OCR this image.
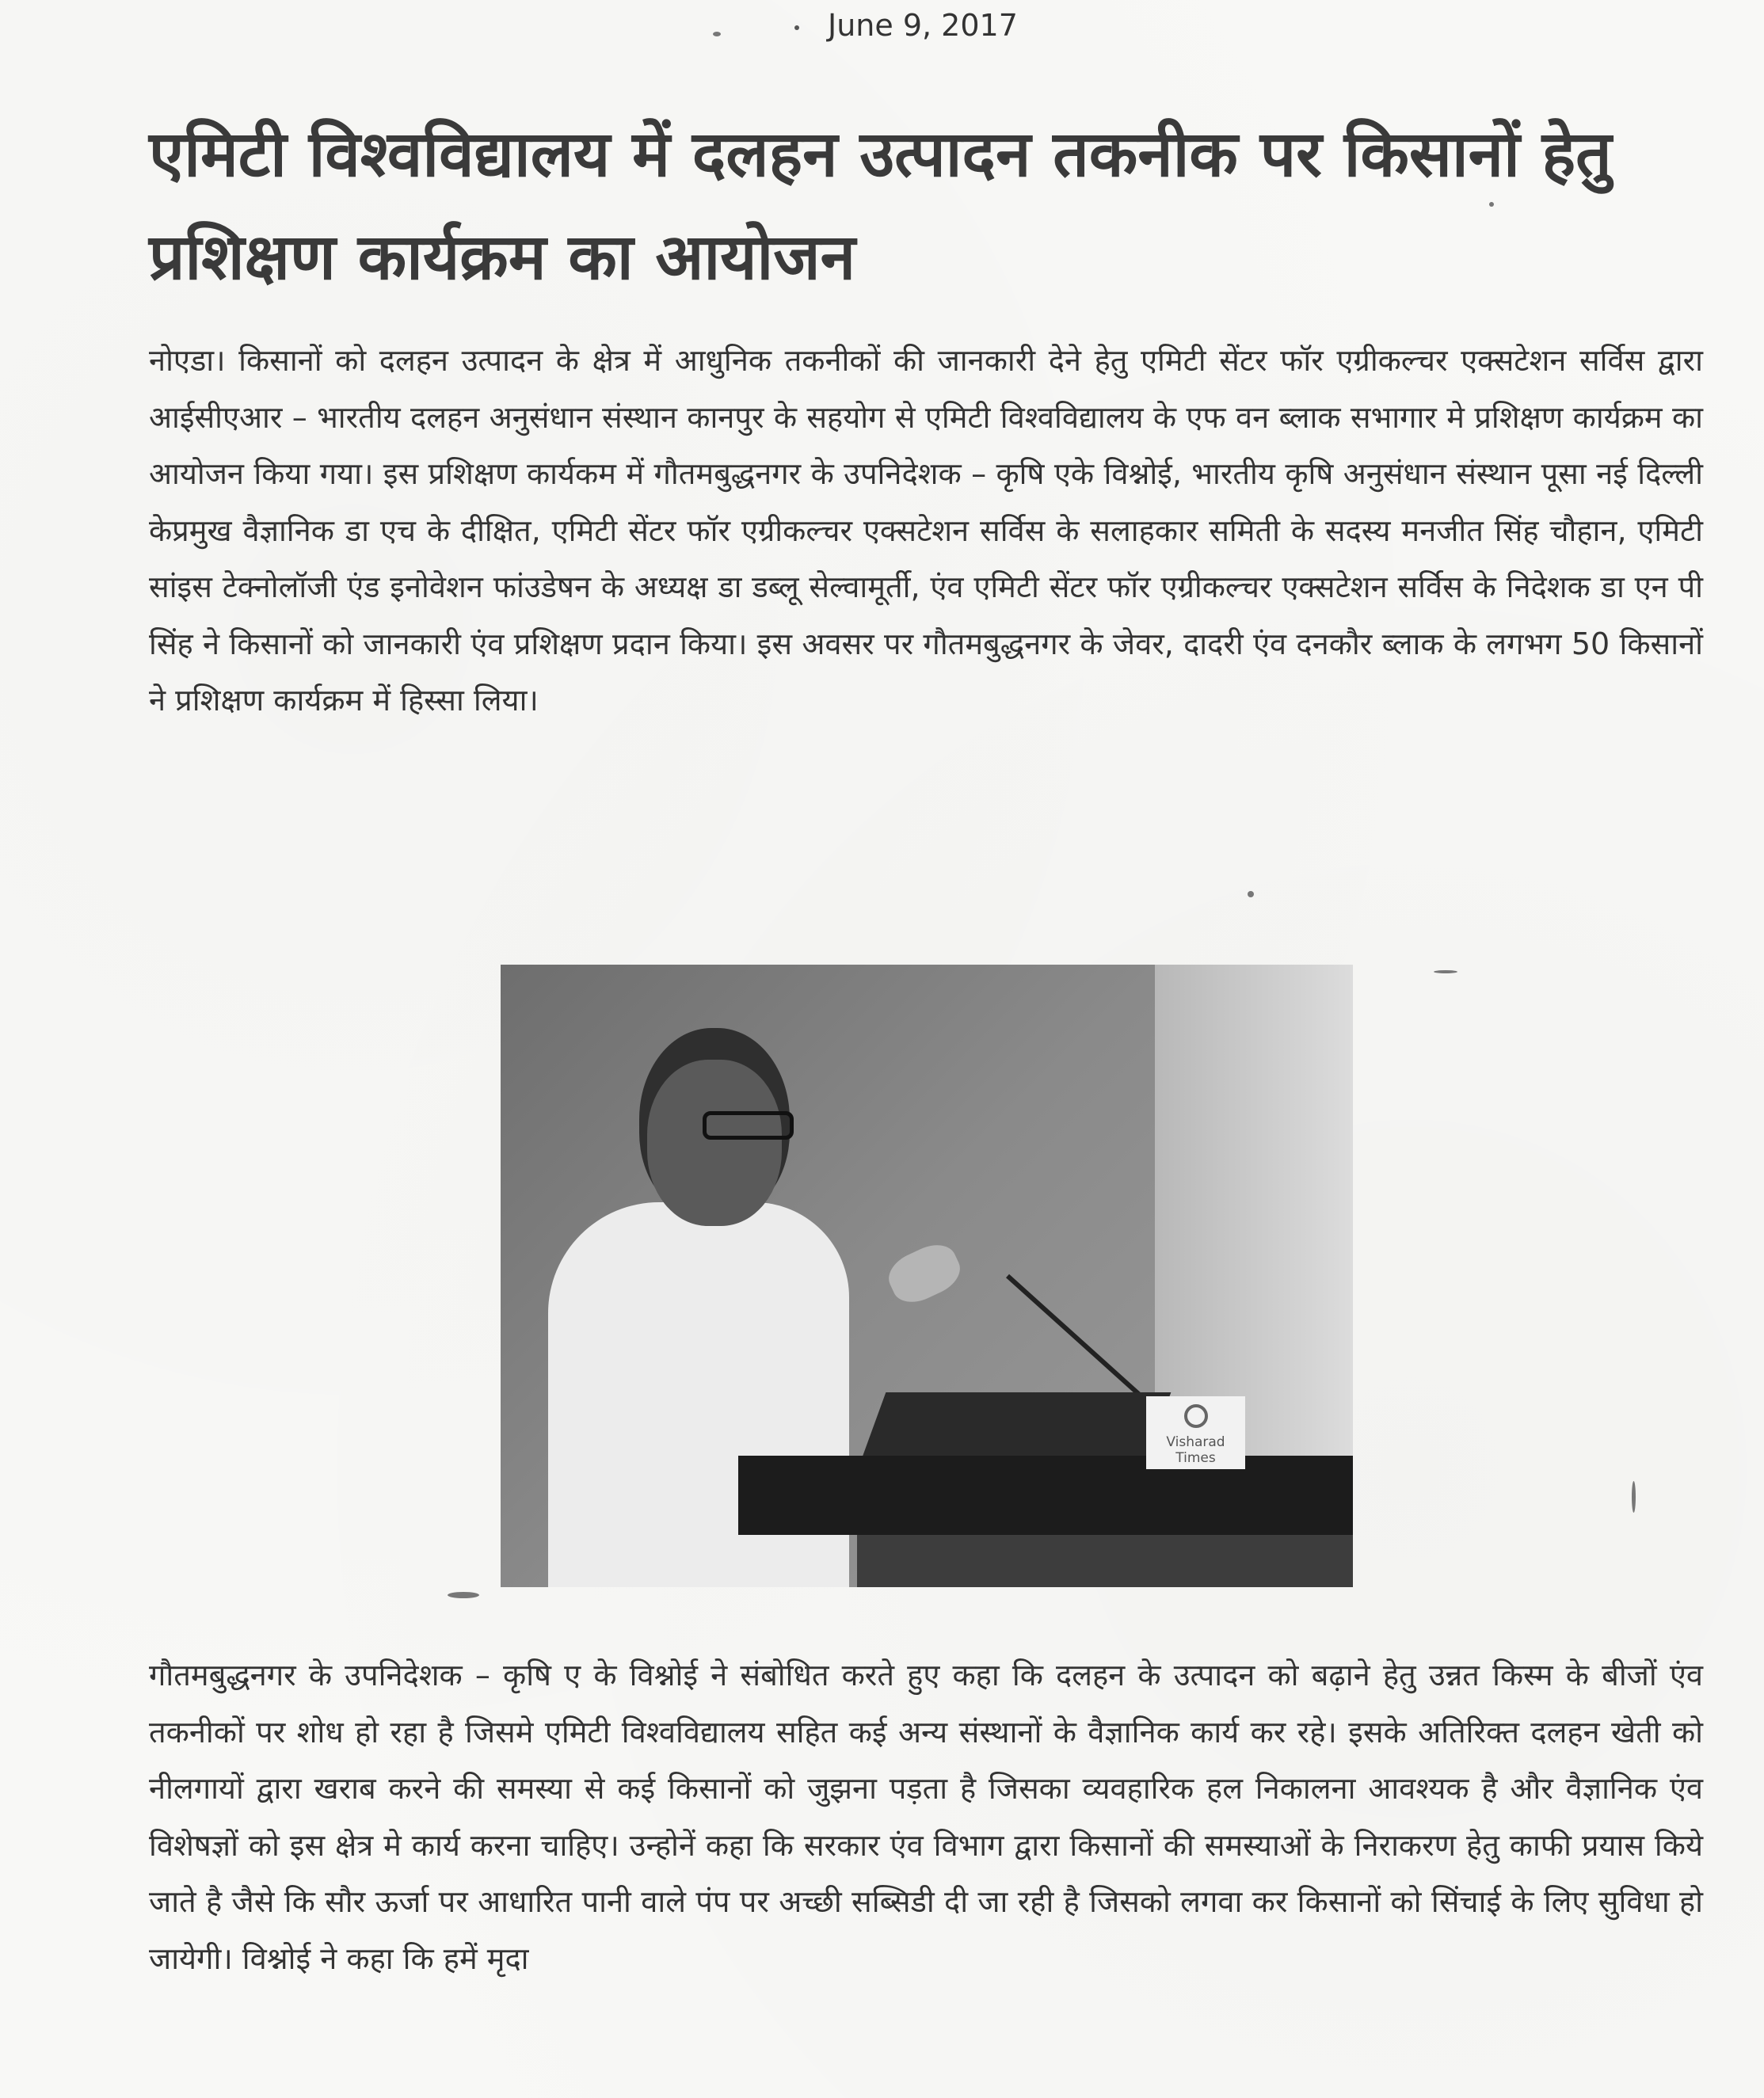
June 9, 2017
एमिटी विश्वविद्यालय में दलहन उत्पादन तकनीक पर किसानों हेतु प्रशिक्षण कार्यक्रम का आयोजन

नोएडा। किसानों को दलहन उत्पादन के क्षेत्र में आधुनिक तकनीकों की जानकारी देने हेतु एमिटी सेंटर फॉर एग्रीकल्चर एक्सटेशन सर्विस द्वारा आईसीएआर – भारतीय दलहन अनुसंधान संस्थान कानपुर के सहयोग से एमिटी विश्वविद्यालय के एफ वन ब्लाक सभागार मे प्रशिक्षण कार्यक्रम का आयोजन किया गया। इस प्रशिक्षण कार्यकम में गौतमबुद्धनगर के उपनिदेशक – कृषि एके विश्नोई, भारतीय कृषि अनुसंधान संस्थान पूसा नई दिल्ली केप्रमुख वैज्ञानिक डा एच के दीक्षित, एमिटी सेंटर फॉर एग्रीकल्चर एक्सटेशन सर्विस के सलाहकार समिती के सदस्य मनजीत सिंह चौहान, एमिटी सांइस टेक्नोलॉजी एंड इनोवेशन फांउडेषन के अध्यक्ष डा डब्लू सेल्वामूर्ती, एंव एमिटी सेंटर फॉर एग्रीकल्चर एक्सटेशन सर्विस के निदेशक डा एन पी सिंह ने किसानों को जानकारी एंव प्रशिक्षण प्रदान किया। इस अवसर पर गौतमबुद्धनगर के जेवर, दादरी एंव दनकौर ब्लाक के लगभग 50 किसानों ने प्रशिक्षण कार्यक्रम में हिस्सा लिया।

Visharad Times

गौतमबुद्धनगर के उपनिदेशक – कृषि ए के विश्नोई ने संबोधित करते हुए कहा कि दलहन के उत्पादन को बढ़ाने हेतु उन्नत किस्म के बीजों एंव तकनीकों पर शोध हो रहा है जिसमे एमिटी विश्वविद्यालय सहित कई अन्य संस्थानों के वैज्ञानिक कार्य कर रहे। इसके अतिरिक्त दलहन खेती को नीलगायों द्वारा खराब करने की समस्या से कई किसानों को जुझना पड़ता है जिसका व्यवहारिक हल निकालना आवश्यक है और वैज्ञानिक एंव विशेषज्ञों को इस क्षेत्र मे कार्य करना चाहिए। उन्होनें कहा कि सरकार एंव विभाग द्वारा किसानों की समस्याओं के निराकरण हेतु काफी प्रयास किये जाते है जैसे कि सौर ऊर्जा पर आधारित पानी वाले पंप पर अच्छी सब्सिडी दी जा रही है जिसको लगवा कर किसानों को सिंचाई के लिए सुविधा हो जायेगी। विश्नोई ने कहा कि हमें मृदा
